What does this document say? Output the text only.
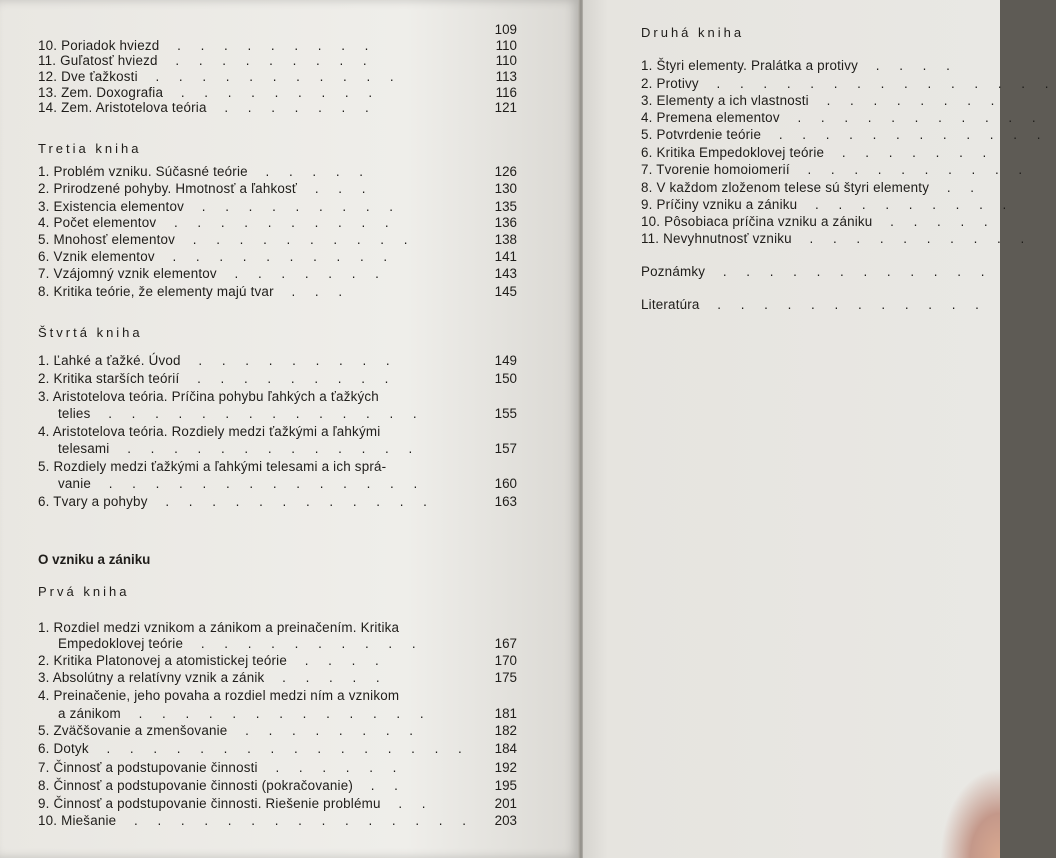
109
10. Poriadok hviezd . . . . . . . . .	110
11. Guľatosť hviezd . . . . . . . . .	110
12. Dve ťažkosti . . . . . . . . . . .	113
13. Zem. Doxografia . . . . . . . . .	116
14. Zem. Aristotelova teória . . . . . . .	121
Tretia kniha
1. Problém vzniku. Súčasné teórie . . . . .	126
2. Prirodzené pohyby. Hmotnosť a ľahkosť . . .	130
3. Existencia elementov . . . . . . . . .	135
4. Počet elementov . . . . . . . . . .	136
5. Mnohosť elementov . . . . . . . . . .	138
6. Vznik elementov . . . . . . . . . .	141
7. Vzájomný vznik elementov . . . . . . .	143
8. Kritika teórie, že elementy majú tvar . . .	145
Štvrtá kniha
1. Ľahké a ťažké. Úvod . . . . . . . . .	149
2. Kritika starších teórií . . . . . . . . .	150
3. Aristotelova teória. Príčina pohybu ľahkých a ťažkých
telies . . . . . . . . . . . . . .	155
4. Aristotelova teória. Rozdiely medzi ťažkými a ľahkými
telesami . . . . . . . . . . . . .	157
5. Rozdiely medzi ťažkými a ľahkými telesami a ich sprá-
vanie . . . . . . . . . . . . . .	160
6. Tvary a pohyby . . . . . . . . . . . .	163
O vzniku a zániku
Prvá kniha
1. Rozdiel medzi vznikom a zánikom a preinačením. Kritika
Empedoklovej teórie . . . . . . . . . .	167
2. Kritika Platonovej a atomistickej teórie . . . .	170
3. Absolútny a relatívny vznik a zánik . . . . .	175
4. Preinačenie, jeho povaha a rozdiel medzi ním a vznikom
a zánikom . . . . . . . . . . . . .	181
5. Zväčšovanie a zmenšovanie . . . . . . . .	182
6. Dotyk . . . . . . . . . . . . . . . .	184
7. Činnosť a podstupovanie činnosti . . . . . .	192
8. Činnosť a podstupovanie činnosti (pokračovanie) . .	195
9. Činnosť a podstupovanie činnosti. Riešenie problému . .	201
10. Miešanie . . . . . . . . . . . . . . .	203
Druhá kniha
1. Štyri elementy. Pralátka a protivy . . . .
2. Protivy . . . . . . . . . . . . . . .
3. Elementy a ich vlastnosti . . . . . . . .
4. Premena elementov . . . . . . . . . . .
5. Potvrdenie teórie . . . . . . . . . . . .
6. Kritika Empedoklovej teórie . . . . . . .
7. Tvorenie homoiomerií . . . . . . . . . .
8. V každom zloženom telese sú štyri elementy . .
9. Príčiny vzniku a zániku . . . . . . . . .
10. Pôsobiaca príčina vzniku a zániku . . . . .
11. Nevyhnutnosť vzniku . . . . . . . . . .
Poznámky . . . . . . . . . . . .
Literatúra . . . . . . . . . . . .
